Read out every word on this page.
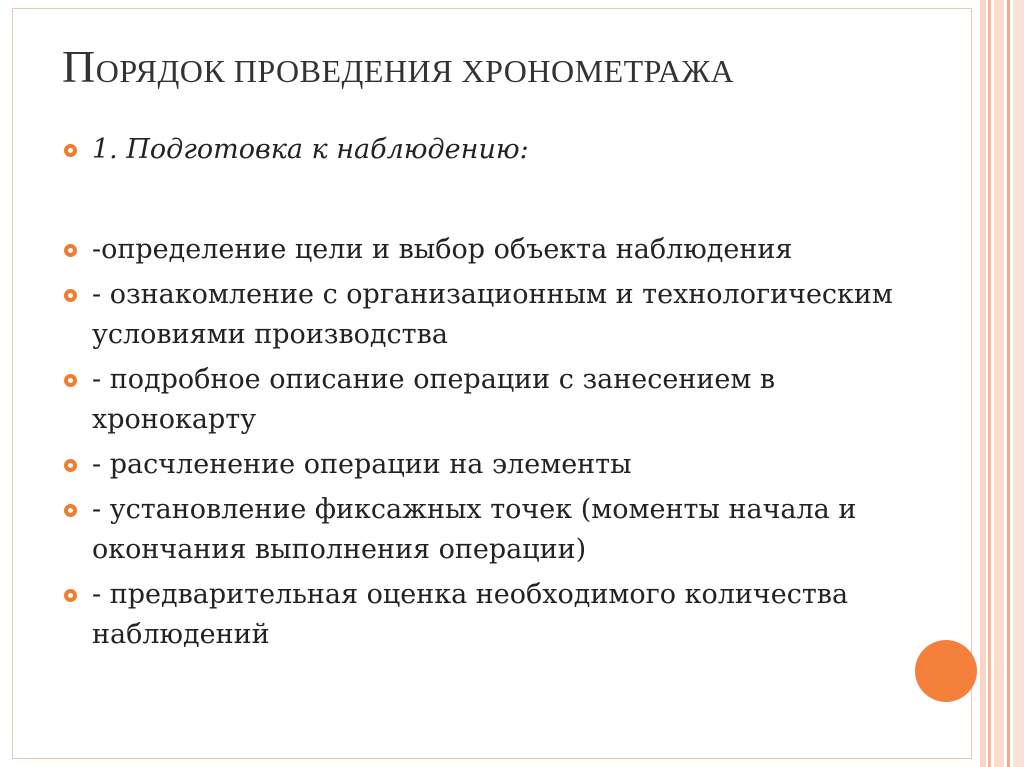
ПОРЯДОК ПРОВЕДЕНИЯ ХРОНОМЕТРАЖА
1. Подготовка к наблюдению:
-определение цели и выбор объекта наблюдения
- ознакомление с организационным и технологическим условиями производства
- подробное описание операции с занесением в хронокарту
- расчленение операции на элементы
- установление фиксажных точек (моменты начала и окончания выполнения операции)
- предварительная оценка необходимого количества наблюдений
